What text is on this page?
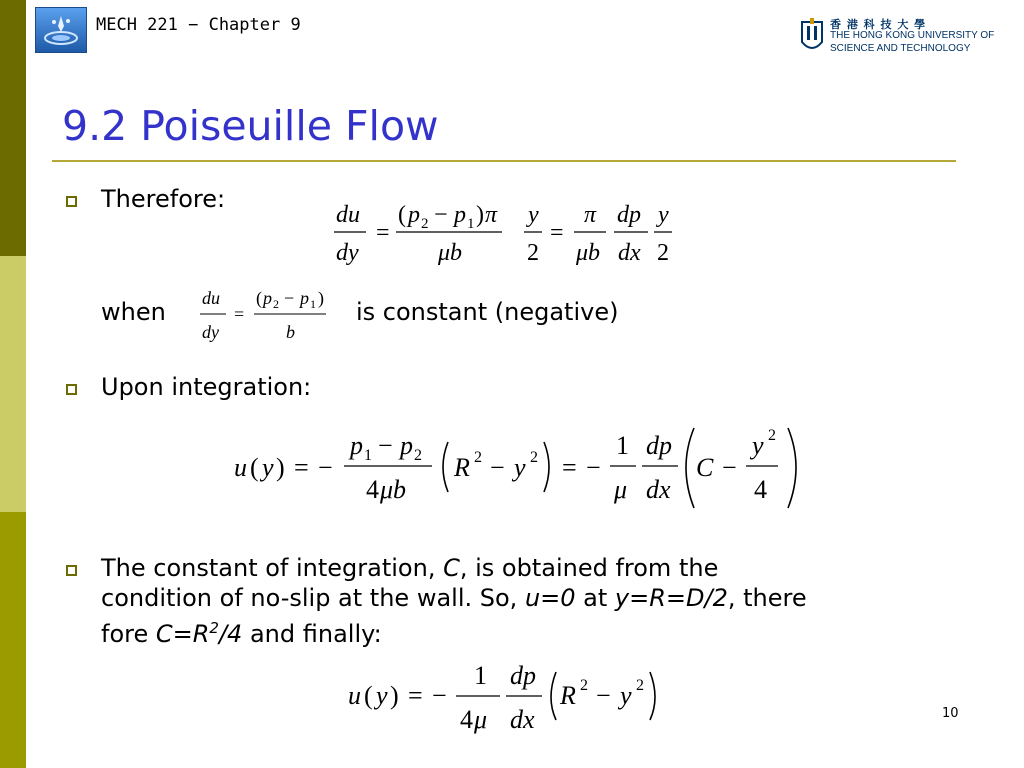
MECH 221 − Chapter 9	香 港 科 技 大 學
THE HONG KONG UNIVERSITY OF
SCIENCE AND TECHNOLOGY
9.2 Poiseuille Flow
Therefore:
du
dy
=
( p 2 − p 1 ) π
μb
y
2
=
π
μb
dp
dx
y
2
when du
dy
=
( p 2 − p 1 )
b
is constant (negative)
Upon integration:
u ( y ) = −
p 1 − p 2
4 μb
R 2 − y 2 = −
1
μ
dp
dx
C −
y 2
4
The constant of integration, C, is obtained from the
condition of no-slip at the wall. So, u=0 at y=R=D/2, there
fore $C=R^2/4$ and finally:
u ( y ) = −
1
4 μ
dp
dx
R 2 − y 2
10
